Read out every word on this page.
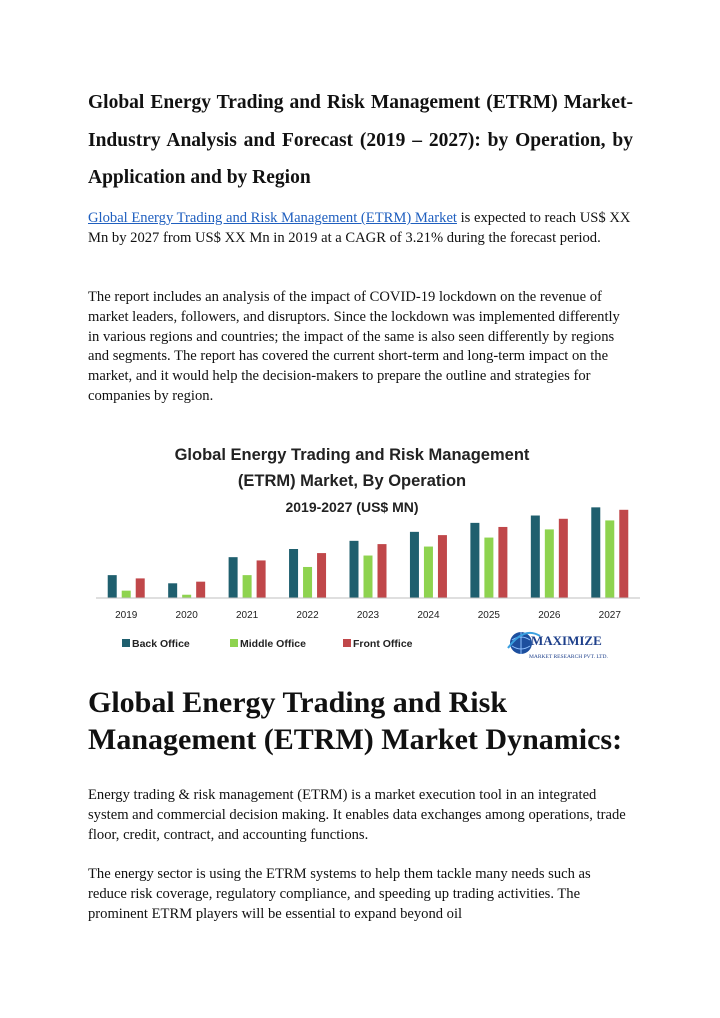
Global Energy Trading and Risk Management (ETRM) Market-Industry Analysis and Forecast (2019 – 2027): by Operation, by Application and by Region

Global Energy Trading and Risk Management (ETRM) Market is expected to reach US$ XX Mn by 2027 from US$ XX Mn in 2019 at a CAGR of 3.21% during the forecast period.

The report includes an analysis of the impact of COVID-19 lockdown on the revenue of market leaders, followers, and disruptors. Since the lockdown was implemented differently in various regions and countries; the impact of the same is also seen differently by regions and segments. The report has covered the current short-term and long-term impact on the market, and it would help the decision-makers to prepare the outline and strategies for companies by region.

Global Energy Trading and Risk Management
(ETRM) Market, By Operation
2019-2027 (US$ MN)
2019	2020	2021	2022	2023	2024	2025	2026	2027
Back Office	Middle Office	Front Office	MAXIMIZE
MARKET RESEARCH PVT. LTD.
Global Energy Trading and Risk Management (ETRM) Market Dynamics:

Energy trading & risk management (ETRM) is a market execution tool in an integrated system and commercial decision making. It enables data exchanges among operations, trade floor, credit, contract, and accounting functions.

The energy sector is using the ETRM systems to help them tackle many needs such as reduce risk coverage, regulatory compliance, and speeding up trading activities. The prominent ETRM players will be essential to expand beyond oil
